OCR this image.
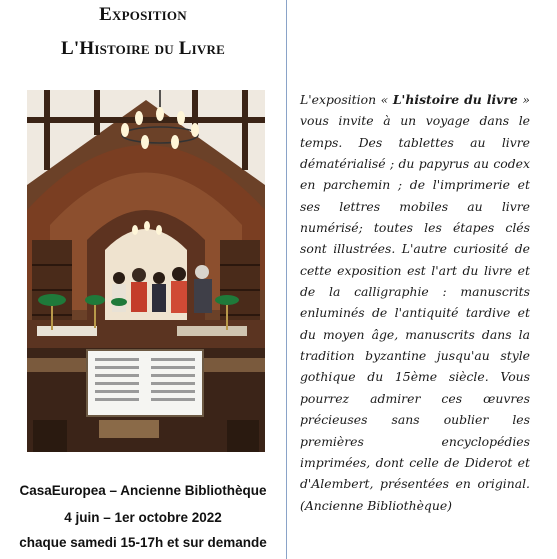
Exposition
L'Histoire du Livre
CasaEuropea – Ancienne Bibliothèque
4 juin – 1er octobre 2022
chaque samedi 15-17h et sur demande
L'exposition « L'histoire du livre » vous invite à un voyage dans le temps. Des tablettes au livre dématérialisé ; du papyrus au codex en parchemin ; de l'imprimerie et ses lettres mobiles au livre numérisé; toutes les étapes clés sont illustrées. L'autre curiosité de cette exposition est l'art du livre et de la calligraphie : manuscrits enluminés de l'antiquité tardive et du moyen âge, manuscrits dans la tradition byzantine jusqu'au style gothique du 15ème siècle. Vous pourrez admirer ces œuvres précieuses sans oublier les premières encyclopédies imprimées, dont celle de Diderot et d'Alembert, présentées en original. (Ancienne Bibliothèque)
